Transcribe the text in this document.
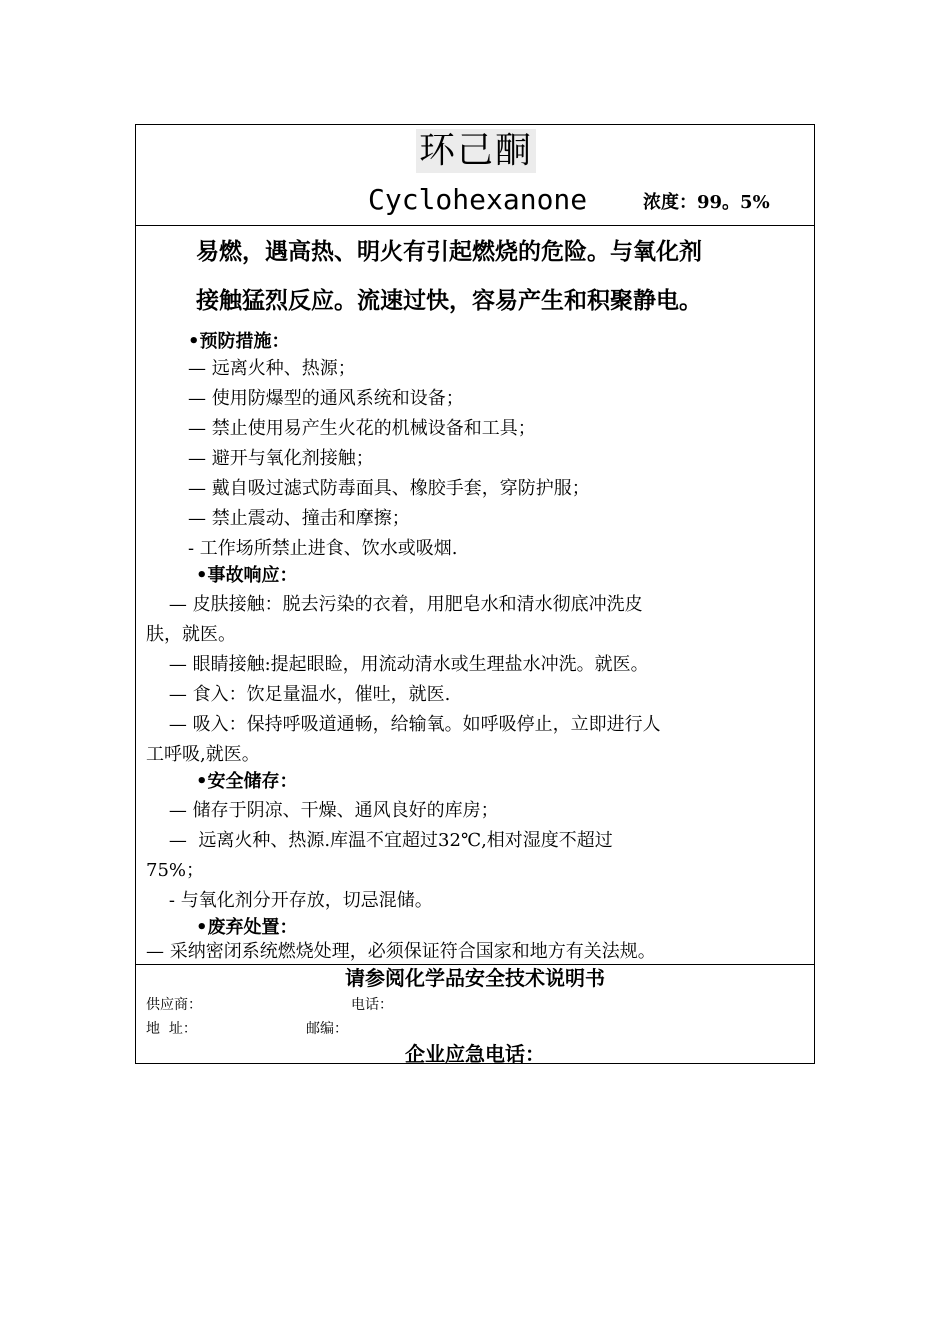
环己酮
Cyclohexanone	浓度：99。5%
易燃，遇高热、明火有引起燃烧的危险。与氧化剂
接触猛烈反应。流速过快，容易产生和积聚静电。
•预防措施：
— 远离火种、热源；
— 使用防爆型的通风系统和设备；
— 禁止使用易产生火花的机械设备和工具；
— 避开与氧化剂接触；
— 戴自吸过滤式防毒面具、橡胶手套，穿防护服；
— 禁止震动、撞击和摩擦；
- 工作场所禁止进食、饮水或吸烟.
•事故响应：
— 皮肤接触：脱去污染的衣着，用肥皂水和清水彻底冲洗皮
肤，就医。
— 眼睛接触:提起眼睑，用流动清水或生理盐水冲洗。就医。
— 食入：饮足量温水，催吐，就医.
— 吸入：保持呼吸道通畅，给输氧。如呼吸停止，立即进行人
工呼吸,就医。
•安全储存：
— 储存于阴凉、干燥、通风良好的库房；
—  远离火种、热源.库温不宜超过32℃,相对湿度不超过
75%；
- 与氧化剂分开存放，切忌混储。
•废弃处置：
— 采纳密闭系统燃烧处理，必须保证符合国家和地方有关法规。
请参阅化学品安全技术说明书
供应商：	电话：
地  址：	邮编：
企业应急电话：
